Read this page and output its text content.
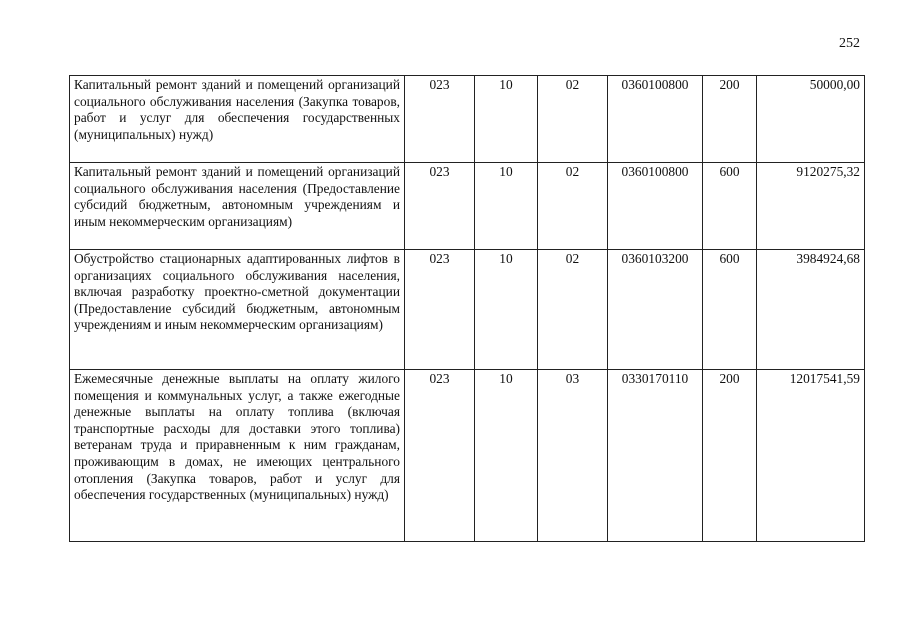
252
Капитальный ремонт зданий и помещений организаций социального обслуживания населения (Закупка товаров, работ и услуг для обеспечения государственных (муниципальных) нужд)	023	10	02	0360100800	200	50000,00
Капитальный ремонт зданий и помещений организаций социального обслуживания населения (Предоставление субсидий бюджетным, автономным учреждениям и иным некоммерческим организациям)	023	10	02	0360100800	600	9120275,32
Обустройство стационарных адаптированных лифтов в организациях социального обслуживания населения, включая разработку проектно-сметной документации (Предоставление субсидий бюджетным, автономным учреждениям и иным некоммерческим организациям)	023	10	02	0360103200	600	3984924,68
Ежемесячные денежные выплаты на оплату жилого помещения и коммунальных услуг, а также ежегодные денежные выплаты на оплату топлива (включая транспортные расходы для доставки этого топлива) ветеранам труда и приравненным к ним гражданам, проживающим в домах, не имеющих центрального отопления (Закупка товаров, работ и услуг для обеспечения государственных (муниципальных) нужд)	023	10	03	0330170110	200	12017541,59
